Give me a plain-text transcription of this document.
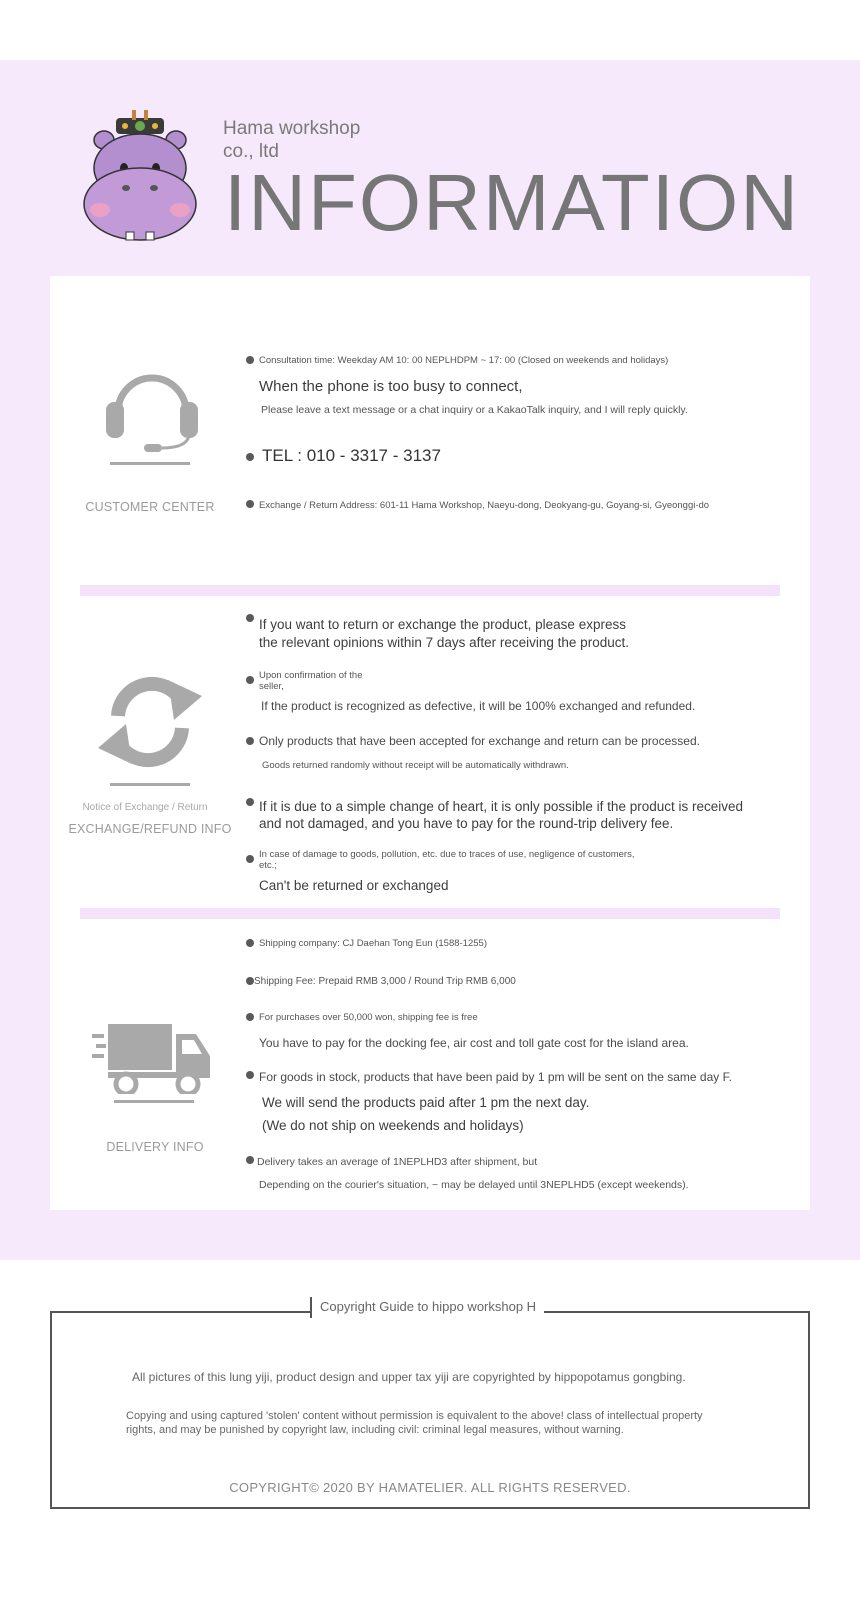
Hama workshop
co., ltd
INFORMATION
CUSTOMER CENTER
Consultation time: Weekday AM 10: 00 NEPLHDPM ~ 17: 00 (Closed on weekends and holidays)
When the phone is too busy to connect,
Please leave a text message or a chat inquiry or a KakaoTalk inquiry, and I will reply quickly.
TEL : 010 - 3317 - 3137
Exchange / Return Address: 601-11 Hama Workshop, Naeyu-dong, Deokyang-gu, Goyang-si, Gyeonggi-do
Notice of Exchange / Return
EXCHANGE/REFUND INFO
If you want to return or exchange the product, please express
the relevant opinions within 7 days after receiving the product.
Upon confirmation of the
seller,
If the product is recognized as defective, it will be 100% exchanged and refunded.
Only products that have been accepted for exchange and return can be processed.
Goods returned randomly without receipt will be automatically withdrawn.
If it is due to a simple change of heart, it is only possible if the product is received
and not damaged, and you have to pay for the round-trip delivery fee.
In case of damage to goods, pollution, etc. due to traces of use, negligence of customers,
etc.;
Can't be returned or exchanged
DELIVERY INFO
Shipping company: CJ Daehan Tong Eun (1588-1255)
Shipping Fee: Prepaid RMB 3,000 / Round Trip RMB 6,000
For purchases over 50,000 won, shipping fee is free
You have to pay for the docking fee, air cost and toll gate cost for the island area.
For goods in stock, products that have been paid by 1 pm will be sent on the same day F.
We will send the products paid after 1 pm the next day.
(We do not ship on weekends and holidays)
Delivery takes an average of 1NEPLHD3 after shipment, but
Depending on the courier's situation, ~ may be delayed until 3NEPLHD5 (except weekends).
Copyright Guide to hippo workshop H
All pictures of this lung yiji, product design and upper tax yiji are copyrighted by hippopotamus gongbing.
Copying and using captured 'stolen' content without permission is equivalent to the above! class of intellectual property
rights, and may be punished by copyright law, including civil: criminal legal measures, without warning.
COPYRIGHT© 2020 BY HAMATELIER. ALL RIGHTS RESERVED.
